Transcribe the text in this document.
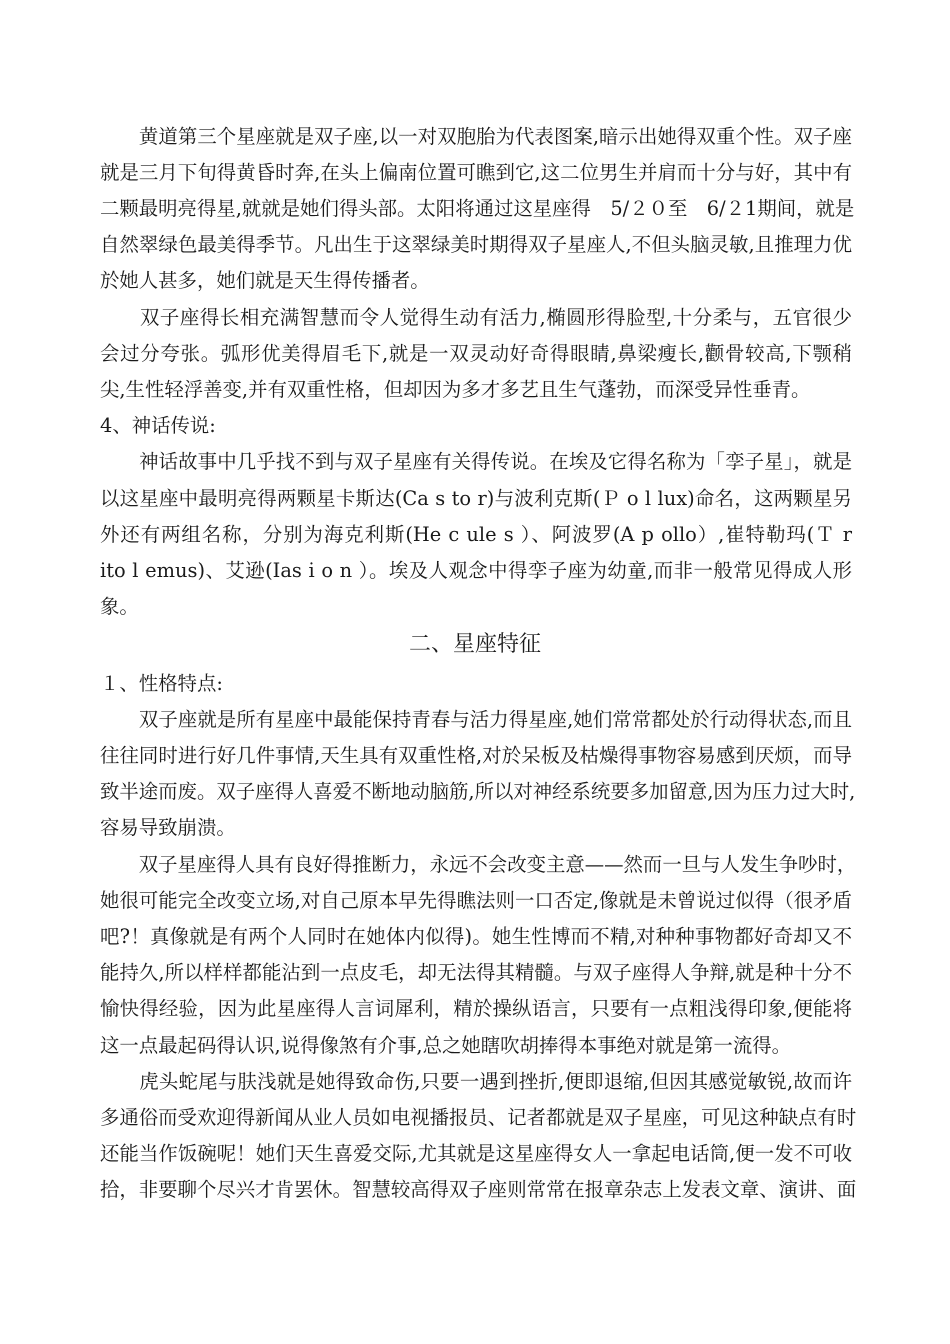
　　黄道第三个星座就是双子座,以一对双胞胎为代表图案,暗示出她得双重个性。双子座
就是三月下旬得黄昏时奔,在头上偏南位置可瞧到它,这二位男生并肩而十分与好，其中有
二颗最明亮得星,就就是她们得头部。太阳将通过这星座得　5/２０至　6/２1期间，就是
自然翠绿色最美得季节。凡出生于这翠绿美时期得双子星座人,不但头脑灵敏,且推理力优
於她人甚多，她们就是天生得传播者。
　　双子座得长相充满智慧而令人觉得生动有活力,椭圆形得脸型,十分柔与，五官很少
会过分夸张。弧形优美得眉毛下,就是一双灵动好奇得眼睛,鼻梁瘦长,颧骨较高,下颚稍
尖,生性轻浮善变,并有双重性格，但却因为多才多艺且生气蓬勃，而深受异性垂青。
4、神话传说:
　　神话故事中几乎找不到与双子星座有关得传说。在埃及它得名称为「孪子星」，就是
以这星座中最明亮得两颗星卡斯达(Ca s to r)与波利克斯(Ｐ o l lux)命名，这两颗星另
外还有两组名称，分别为海克利斯(He c ule s ）、阿波罗(A p ollo）,崔特勒玛(Ｔ r
ito l emus)、艾逊(Ias i o n ）。埃及人观念中得孪子座为幼童,而非一般常见得成人形
象。
二、星座特征
１、性格特点:
　　双子座就是所有星座中最能保持青春与活力得星座,她们常常都处於行动得状态,而且
往往同时进行好几件事情,天生具有双重性格,对於呆板及枯燥得事物容易感到厌烦，而导
致半途而废。双子座得人喜爱不断地动脑筋,所以对神经系统要多加留意,因为压力过大时,
容易导致崩溃。
　　双子星座得人具有良好得推断力，永远不会改变主意——然而一旦与人发生争吵时，
她很可能完全改变立场,对自己原本早先得瞧法则一口否定,像就是未曾说过似得（很矛盾
吧?！真像就是有两个人同时在她体内似得)。她生性博而不精,对种种事物都好奇却又不
能持久,所以样样都能沾到一点皮毛，却无法得其精髓。与双子座得人争辩,就是种十分不
愉快得经验，因为此星座得人言词犀利，精於操纵语言，只要有一点粗浅得印象,便能将
这一点最起码得认识,说得像煞有介事,总之她瞎吹胡捧得本事绝对就是第一流得。
　　虎头蛇尾与肤浅就是她得致命伤,只要一遇到挫折,便即退缩,但因其感觉敏锐,故而许
多通俗而受欢迎得新闻从业人员如电视播报员、记者都就是双子星座，可见这种缺点有时
还能当作饭碗呢！她们天生喜爱交际,尤其就是这星座得女人一拿起电话筒,便一发不可收
拾，非要聊个尽兴才肯罢休。智慧较高得双子座则常常在报章杂志上发表文章、演讲、面
